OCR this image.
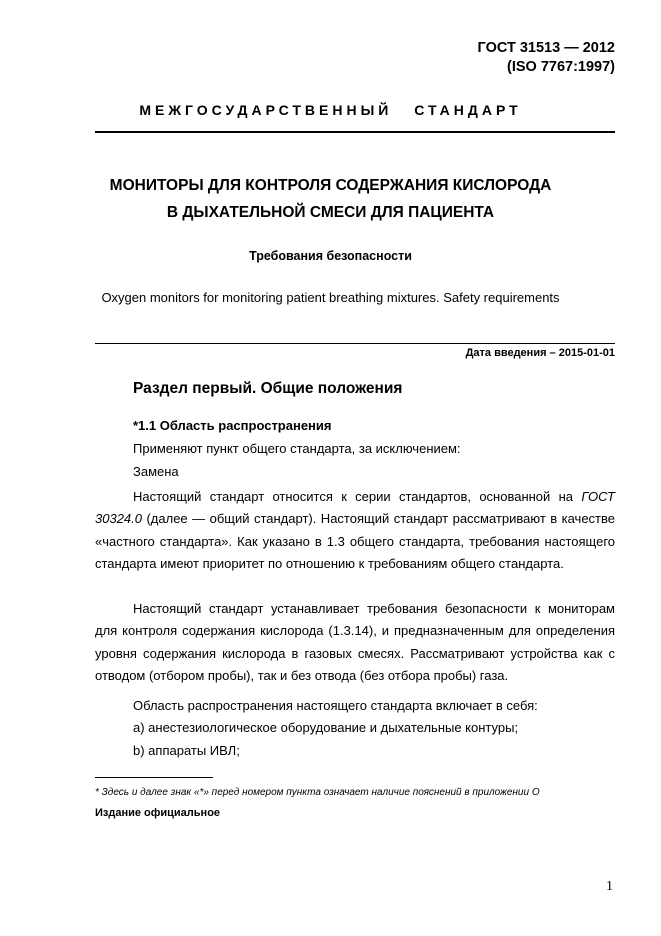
ГОСТ 31513 — 2012
(ISO 7767:1997)
МЕЖГОСУДАРСТВЕННЫЙ СТАНДАРТ
МОНИТОРЫ ДЛЯ КОНТРОЛЯ СОДЕРЖАНИЯ КИСЛОРОДА
В ДЫХАТЕЛЬНОЙ СМЕСИ ДЛЯ ПАЦИЕНТА
Требования безопасности
Oxygen monitors for monitoring patient breathing mixtures. Safety requirements
Дата введения – 2015-01-01
Раздел первый. Общие положения
*1.1 Область распространения
Применяют пункт общего стандарта, за исключением:
Замена
Настоящий стандарт относится к серии стандартов, основанной на ГОСТ 30324.0 (далее — общий стандарт). Настоящий стандарт рассматривают в качестве «частного стандарта». Как указано в 1.3 общего стандарта, требования настоящего стандарта имеют приоритет по отношению к требованиям общего стандарта.
Настоящий стандарт устанавливает требования безопасности к мониторам для контроля содержания кислорода (1.3.14), и предназначенным для определения уровня содержания кислорода в газовых смесях. Рассматривают устройства как с отводом (отбором пробы), так и без отвода (без отбора пробы) газа.
Область распространения настоящего стандарта включает в себя:
a) анестезиологическое оборудование и дыхательные контуры;
b) аппараты ИВЛ;
* Здесь и далее знак «*» перед номером пункта означает наличие пояснений в приложении О
Издание официальное
1
